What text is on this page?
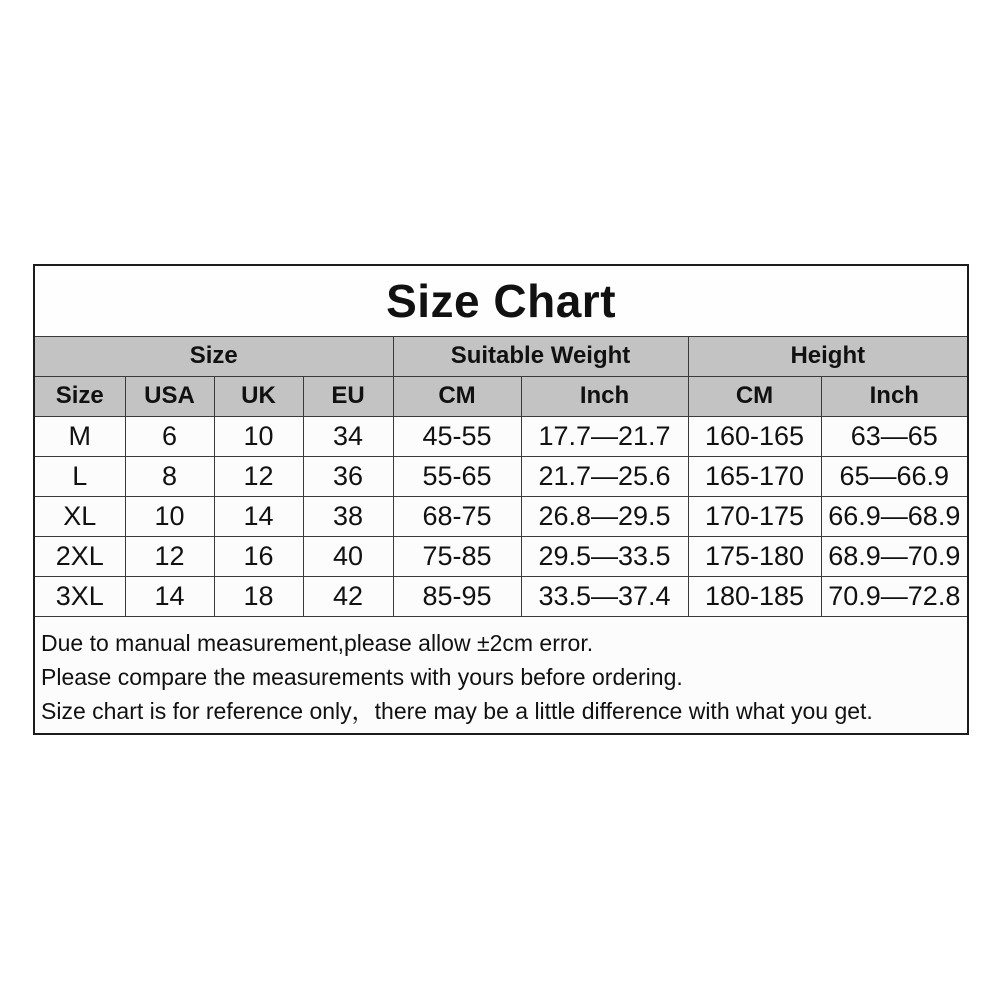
Size Chart							
Size				Suitable Weight		Height	
Size	USA	UK	EU	CM	Inch	CM	Inch
M	6	10	34	45-55	17.7—21.7	160-165	63—65
L	8	12	36	55-65	21.7—25.6	165-170	65—66.9
XL	10	14	38	68-75	26.8—29.5	170-175	66.9—68.9
2XL	12	16	40	75-85	29.5—33.5	175-180	68.9—70.9
3XL	14	18	42	85-95	33.5—37.4	180-185	70.9—72.8

Due to manual measurement,please allow ±2cm error.
Please compare the measurements with yours before ordering.
Size chart is for reference only，there may be a little difference with what you get.							
